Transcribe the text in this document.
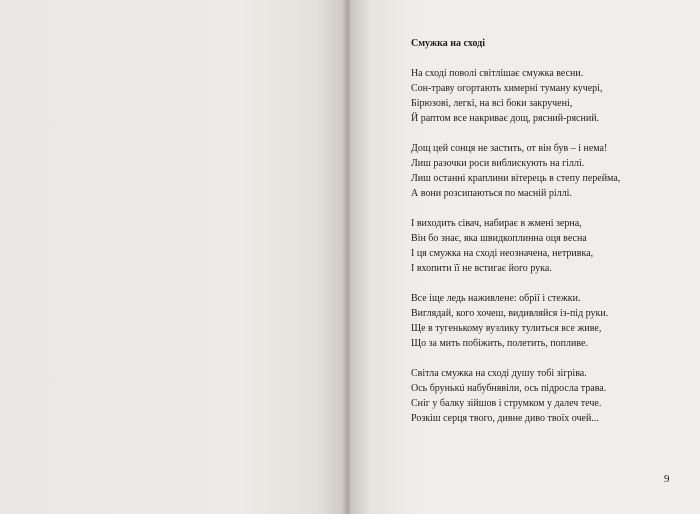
Смужка на сході
На сході поволі світлішає смужка весни.
Сон-траву огортають химерні туману кучері,
Бірюзові, легкі, на всі боки закручені,
Й раптом все накриває дощ, рясний-рясний.
Дощ цей сонця не застить, от він був – і нема!
Лиш разочки роси виблискують на гіллі.
Лиш останні краплини вітерець в степу перейма,
А вони розсипаються по масній ріллі.
І виходить сівач, набирає в жмені зерна,
Він бо знає, яка швидкоплинна оця весна
І ця смужка на сході неозначена, нетривка,
І вхопити її не встигає його рука.
Все іще ледь наживлене: обрії і стежки.
Виглядай, кого хочеш, видивляйся із-під руки.
Ще в тугенькому вузлику тулиться все живе,
Що за мить побіжить, полетить, попливе.
Світла смужка на сході душу тобі зігріва.
Ось брунькú набубнявіли, ось підросла трава.
Сніг у балку зійшов і струмком у далеч тече.
Розкіш серця твого, дивне диво твоїх очей...
9
